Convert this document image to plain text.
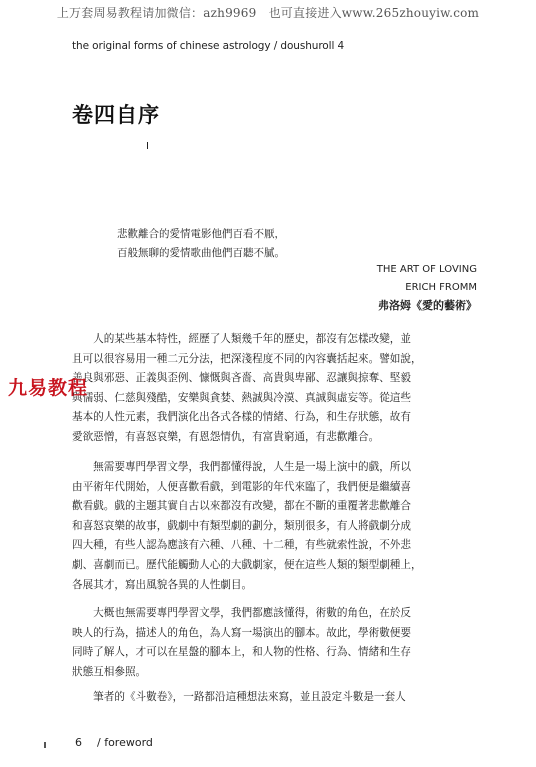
上万套周易教程请加微信：azh9969　也可直接进入www.265zhouyiw.com
the original forms of chinese astrology / doushuroll 4
卷四自序
悲歡離合的愛情電影他們百看不厭，
百般無聊的愛情歌曲他們百聽不膩。
THE ART OF LOVING
ERICH FROMM
弗洛姆《愛的藝術》
　　人的某些基本特性，經歷了人類幾千年的歷史，都沒有怎樣改變，並
且可以很容易用一種二元分法，把深淺程度不同的內容囊括起來。譬如說，
善良與邪惡、正義與歪例、慷慨與吝嗇、高貴與卑鄙、忍讓與掠奪、堅毅
與懦弱、仁慈與殘酷，安樂與貪婪、熱誠與冷漠、真誠與虛妄等。從這些
基本的人性元素，我們演化出各式各樣的情緒、行為，和生存狀態，故有
愛欲惡憎，有喜怒哀樂，有恩怨情仇，有富貴窮通，有悲歡離合。
　　無需要專門學習文學，我們都懂得說，人生是一場上演中的戲，所以
由平術年代開始，人便喜歡看戲，到電影的年代來臨了，我們便是繼續喜
歡看戲。戲的主題其實自古以來都沒有改變，都在不斷的重覆著悲歡離合
和喜怒哀樂的故事，戲劇中有類型劇的劃分，類別很多，有人將戲劇分成
四大種，有些人認為應該有六種、八種、十二種，有些就索性說，不外悲
劇、喜劇而已。歷代能觸動人心的大戲劇家，便在這些人類的類型劇種上，
各展其才，寫出風貌各異的人性劇目。
　　大概也無需要專門學習文學，我們都應該懂得，術數的角色，在於反
映人的行為，描述人的角色，為人寫一場演出的腳本。故此，學術數便要
同時了解人，才可以在星盤的腳本上，和人物的性格、行為、情緒和生存
狀態互相參照。
　　筆者的《斗數卷》，一路都沿這種想法來寫，並且設定斗數是一套人
九易教程
6 / foreword
